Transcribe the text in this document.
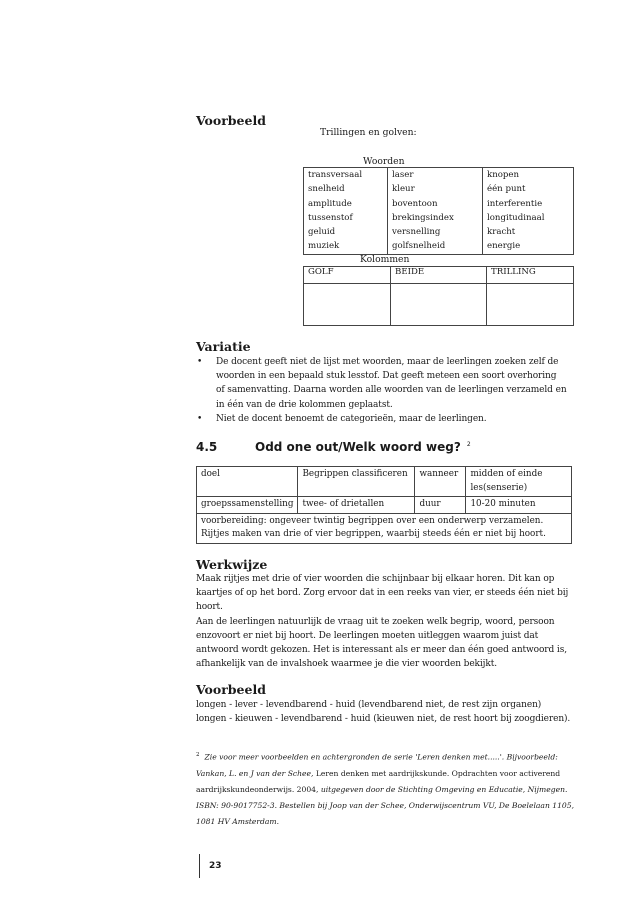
Voorbeeld
Trillingen en golven:
Woorden
transversaal	laser	knopen
snelheid	kleur	één punt
amplitude	boventoon	interferentie
tussenstof	brekingsindex	longitudinaal
geluid	versnelling	kracht
muziek	golfsnelheid	energie
Kolommen
GOLF	BEIDE	TRILLING

Variatie
• De docent geeft niet de lijst met woorden, maar de leerlingen zoeken zelf de woorden in een bepaald stuk lesstof. Dat geeft meteen een soort overhoring of samenvatting. Daarna worden alle woorden van de leerlingen verzameld en in één van de drie kolommen geplaatst.
• Niet de docent benoemt de categorieën, maar de leerlingen.
4.5	Odd one out/Welk woord weg? $^2$
doel	Begrippen classificeren	wanneer	midden of einde les(senserie)
groepssamenstelling	twee- of drietallen	duur	10-20 minuten
voorbereiding: ongeveer twintig begrippen over een onderwerp verzamelen. Rijtjes maken van drie of vier begrippen, waarbij steeds één er niet bij hoort.			
Werkwijze
Maak rijtjes met drie of vier woorden die schijnbaar bij elkaar horen. Dit kan op kaartjes of op het bord. Zorg ervoor dat in een reeks van vier, er steeds één niet bij hoort.
Aan de leerlingen natuurlijk de vraag uit te zoeken welk begrip, woord, persoon enzovoort er niet bij hoort. De leerlingen moeten uitleggen waarom juist dat antwoord wordt gekozen. Het is interessant als er meer dan één goed antwoord is, afhankelijk van de invalshoek waarmee je die vier woorden bekijkt.
Voorbeeld
longen - lever - levendbarend - huid (levendbarend niet, de rest zijn organen)
longen - kieuwen - levendbarend - huid (kieuwen niet, de rest hoort bij zoogdieren).
$^2$ Zie voor meer voorbeelden en achtergronden de serie 'Leren denken met.....'. Bijvoorbeeld: Vankan, L. en J van der Schee, Leren denken met aardrijkskunde. Opdrachten voor activerend aardrijkskundeonderwijs. 2004, uitgegeven door de Stichting Omgeving en Educatie, Nijmegen. ISBN: 90-9017752-3. Bestellen bij Joop van der Schee, Onderwijscentrum VU, De Boelelaan 1105, 1081 HV Amsterdam.
23
